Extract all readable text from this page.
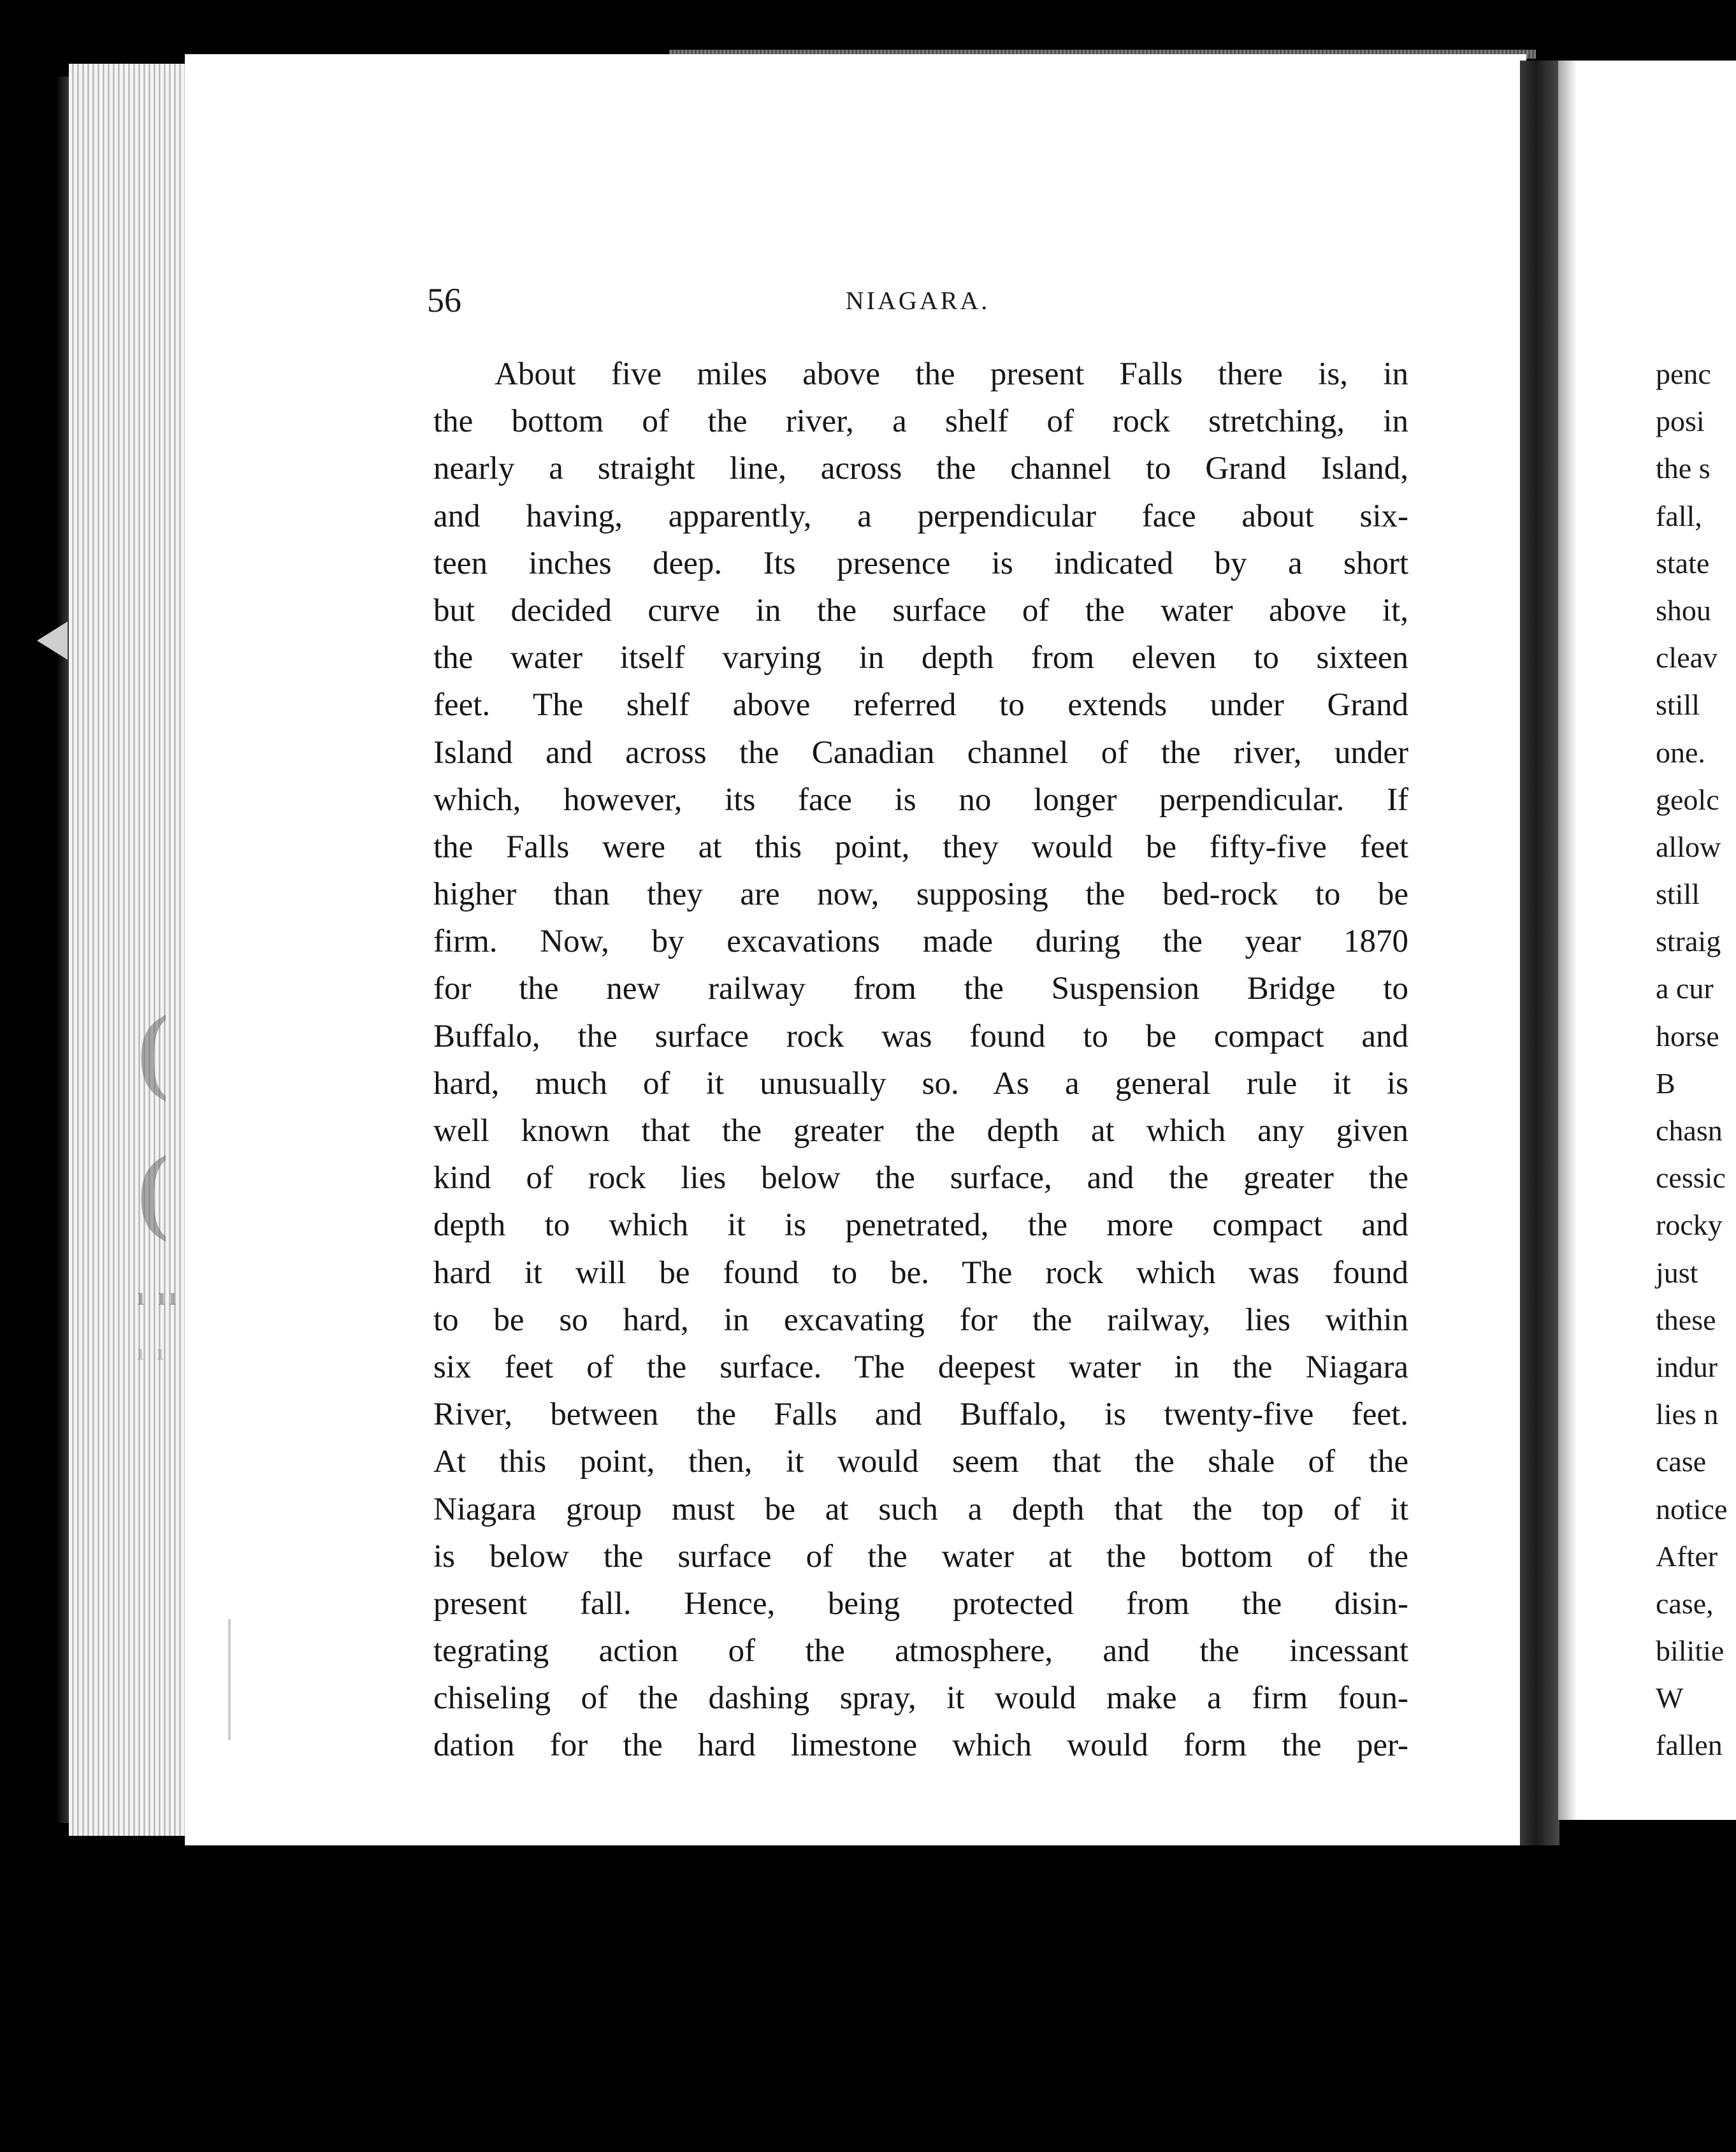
(
(
ı ıı
ı ı
56	NIAGARA.
About five miles above the present Falls there is, in
the bottom of the river, a shelf of rock stretching, in
nearly a straight line, across the channel to Grand Island,
and having, apparently, a perpendicular face about six-
teen inches deep. Its presence is indicated by a short
but decided curve in the surface of the water above it,
the water itself varying in depth from eleven to sixteen
feet. The shelf above referred to extends under Grand
Island and across the Canadian channel of the river, under
which, however, its face is no longer perpendicular. If
the Falls were at this point, they would be fifty-five feet
higher than they are now, supposing the bed-rock to be
firm. Now, by excavations made during the year 1870
for the new railway from the Suspension Bridge to
Buffalo, the surface rock was found to be compact and
hard, much of it unusually so. As a general rule it is
well known that the greater the depth at which any given
kind of rock lies below the surface, and the greater the
depth to which it is penetrated, the more compact and
hard it will be found to be. The rock which was found
to be so hard, in excavating for the railway, lies within
six feet of the surface. The deepest water in the Niagara
River, between the Falls and Buffalo, is twenty-five feet.
At this point, then, it would seem that the shale of the
Niagara group must be at such a depth that the top of it
is below the surface of the water at the bottom of the
present fall. Hence, being protected from the disin-
tegrating action of the atmosphere, and the incessant
chiseling of the dashing spray, it would make a firm foun-
dation for the hard limestone which would form the per-
penc
posi
the s
fall,
state
shou
cleav
still
one.
geolc
allow
still
straig
a cur
horse
B
chasn
cessic
rocky
just
these
indur
lies n
case
notice
After
case,
bilitie
W
fallen
